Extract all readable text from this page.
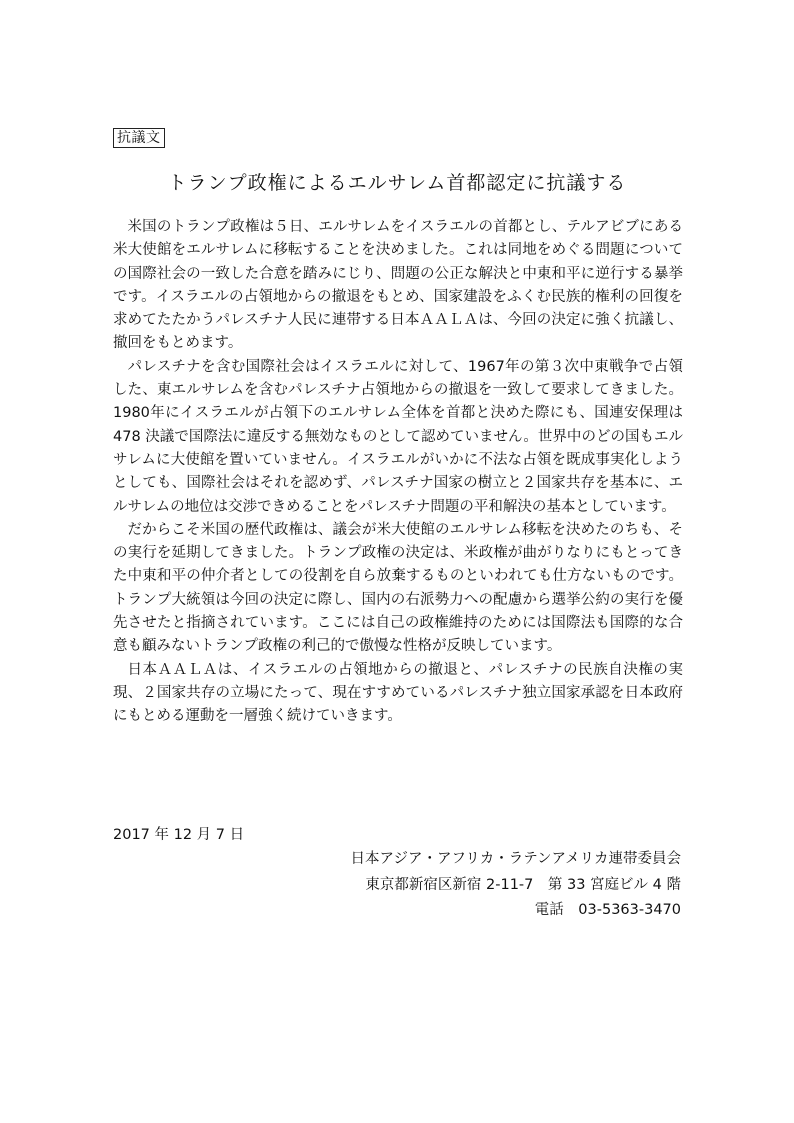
抗議文
トランプ政権によるエルサレム首都認定に抗議する

米国のトランプ政権は５日、エルサレムをイスラエルの首都とし、テルアビブにある米大使館をエルサレムに移転することを決めました。これは同地をめぐる問題についての国際社会の一致した合意を踏みにじり、問題の公正な解決と中東和平に逆行する暴挙です。イスラエルの占領地からの撤退をもとめ、国家建設をふくむ民族的権利の回復を求めてたたかうパレスチナ人民に連帯する日本ＡＡＬＡは、今回の決定に強く抗議し、撤回をもとめます。

パレスチナを含む国際社会はイスラエルに対して、1967年の第３次中東戦争で占領した、東エルサレムを含むパレスチナ占領地からの撤退を一致して要求してきました。1980年にイスラエルが占領下のエルサレム全体を首都と決めた際にも、国連安保理は 478 決議で国際法に違反する無効なものとして認めていません。世界中のどの国もエルサレムに大使館を置いていません。イスラエルがいかに不法な占領を既成事実化しようとしても、国際社会はそれを認めず、パレスチナ国家の樹立と２国家共存を基本に、エルサレムの地位は交渉できめることをパレスチナ問題の平和解決の基本としています。

だからこそ米国の歴代政権は、議会が米大使館のエルサレム移転を決めたのちも、その実行を延期してきました。トランプ政権の決定は、米政権が曲がりなりにもとってきた中東和平の仲介者としての役割を自ら放棄するものといわれても仕方ないものです。トランプ大統領は今回の決定に際し、国内の右派勢力への配慮から選挙公約の実行を優先させたと指摘されています。ここには自己の政権維持のためには国際法も国際的な合意も顧みないトランプ政権の利己的で傲慢な性格が反映しています。

日本ＡＡＬＡは、イスラエルの占領地からの撤退と、パレスチナの民族自決権の実現、２国家共存の立場にたって、現在すすめているパレスチナ独立国家承認を日本政府にもとめる運動を一層強く続けていきます。

2017 年 12 月 7 日
日本アジア・アフリカ・ラテンアメリカ連帯委員会
東京都新宿区新宿 2-11-7　第 33 宮庭ビル 4 階
電話　03-5363-3470
